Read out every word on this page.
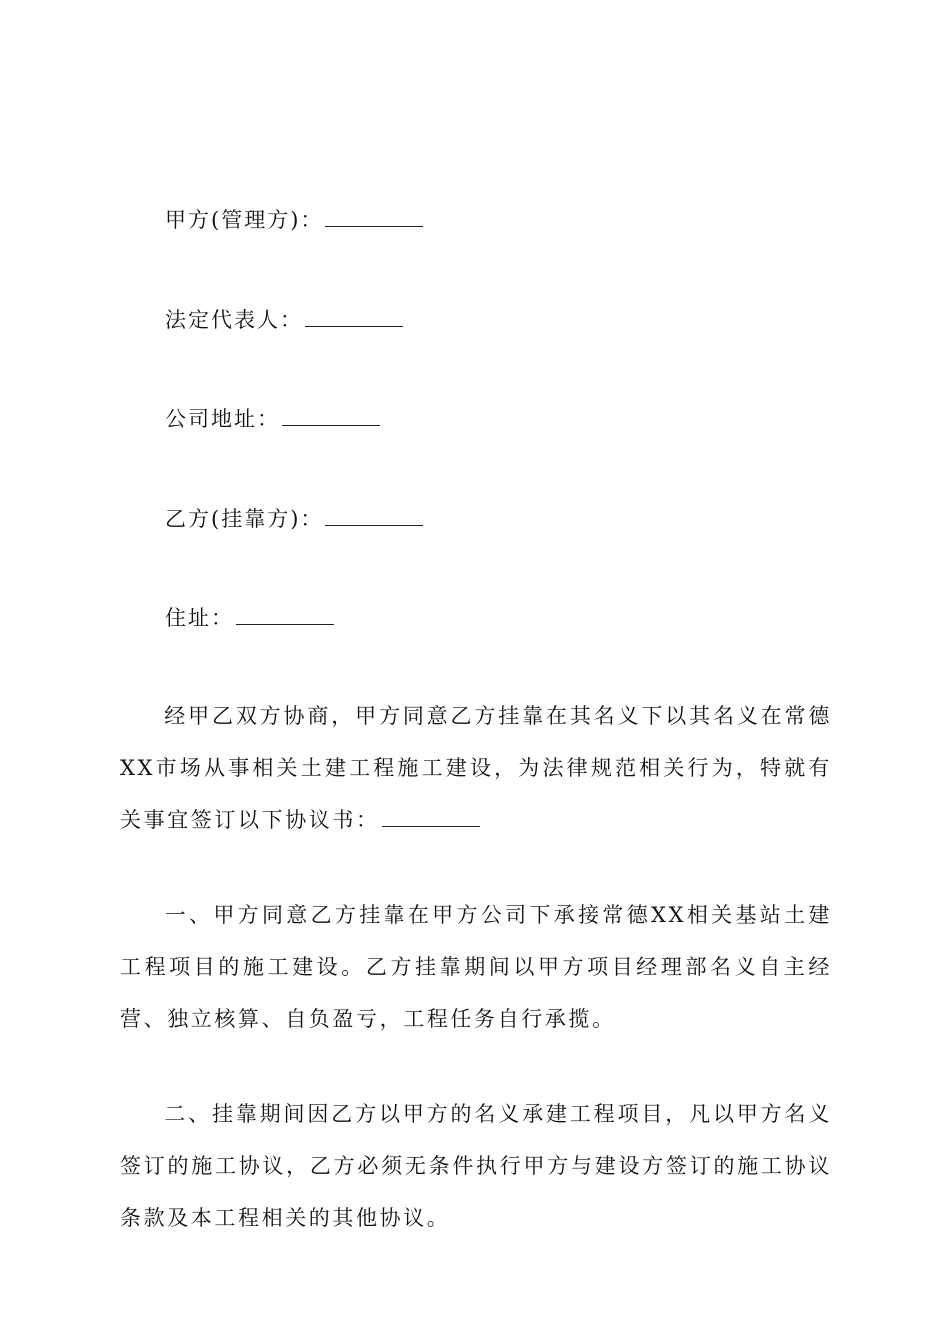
甲方(管理方)：
法定代表人：
公司地址：
乙方(挂靠方)：
住址：
经甲乙双方协商，甲方同意乙方挂靠在其名义下以其名义在常德XX市场从事相关土建工程施工建设，为法律规范相关行为，特就有关事宜签订以下协议书：
一、甲方同意乙方挂靠在甲方公司下承接常德XX相关基站土建 工程项目的施工建设。乙方挂靠期间以甲方项目经理部名义自主经营、独立核算、自负盈亏，工程任务自行承揽。
二、挂靠期间因乙方以甲方的名义承建工程项目，凡以甲方名义签订的施工协议，乙方必须无条件执行甲方与建设方签订的施工协议条款及本工程相关的其他协议。
